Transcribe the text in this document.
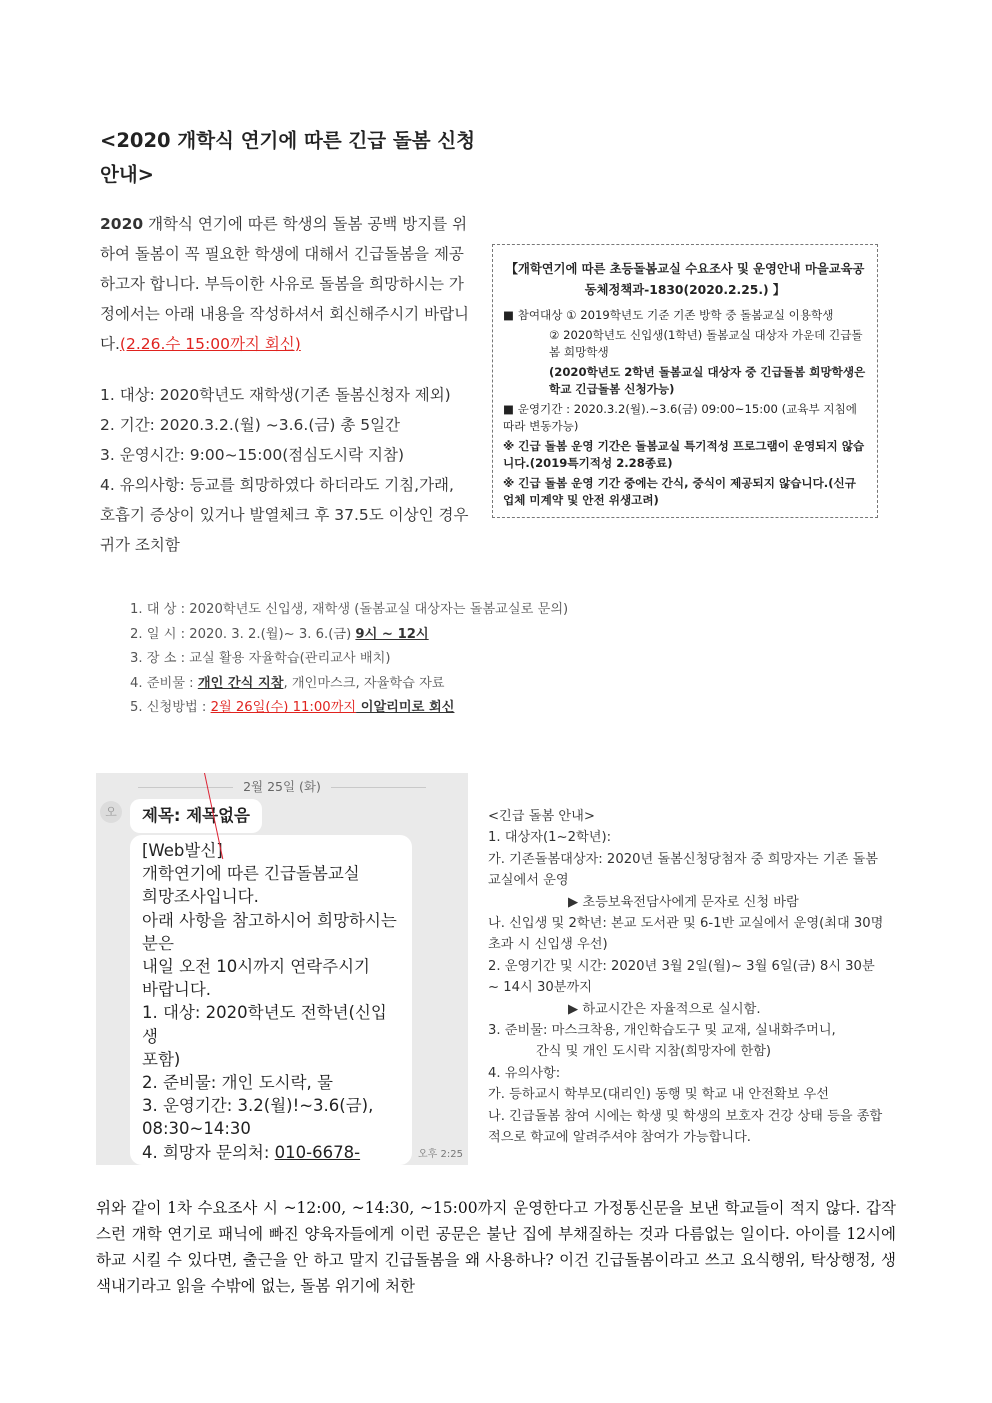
<2020 개학식 연기에 따른 긴급 돌봄 신청 안내>
2020 개학식 연기에 따른 학생의 돌봄 공백 방지를 위하여 돌봄이 꼭 필요한 학생에 대해서 긴급돌봄을 제공하고자 합니다. 부득이한 사유로 돌봄을 희망하시는 가정에서는 아래 내용을 작성하셔서 회신해주시기 바랍니다.(2.26.수 15:00까지 회신)

1. 대상: 2020학년도 재학생(기존 돌봄신청자 제외)

2. 기간: 2020.3.2.(월) ~3.6.(금) 총 5일간

3. 운영시간: 9:00~15:00(점심도시락 지참)

4. 유의사항: 등교를 희망하였다 하더라도 기침,가래, 호흡기 증상이 있거나 발열체크 후 37.5도 이상인 경우 귀가 조치함

【개학연기에 따른 초등돌봄교실 수요조사 및 운영안내 마을교육공동체정책과-1830(2020.2.25.) 】

■ 참여대상 ① 2019학년도 기준 기존 방학 중 돌봄교실 이용학생

② 2020학년도 신입생(1학년) 돌봄교실 대상자 가운데 긴급돌봄 희망학생

(2020학년도 2학년 돌봄교실 대상자 중 긴급돌봄 희망학생은 학교 긴급돌봄 신청가능)

■ 운영기간 : 2020.3.2(월).~3.6(금) 09:00~15:00 (교육부 지침에 따라 변동가능)

※ 긴급 돌봄 운영 기간은 돌봄교실 특기적성 프로그램이 운영되지 않습니다.(2019특기적성 2.28종료)

※ 긴급 돌봄 운영 기간 중에는 간식, 중식이 제공되지 않습니다.(신규 업체 미계약 및 안전 위생고려)

1. 대 상 : 2020학년도 신입생, 재학생 (돌봄교실 대상자는 돌봄교실로 문의)

2. 일 시 : 2020. 3. 2.(월)~ 3. 6.(금) 9시 ~ 12시

3. 장 소 : 교실 활용 자율학습(관리교사 배치)

4. 준비물 : 개인 간식 지참, 개인마스크, 자율학습 자료

5. 신청방법 : 2월 26일(수) 11:00까지 이알리미로 회신

2월 25일 (화)
오	제목: 제목없음

[Web발신]

개학연기에 따른 긴급돌봄교실

희망조사입니다.

아래 사항을 참고하시어 희망하시는

분은

내일 오전 10시까지 연락주시기

바랍니다.

1. 대상: 2020학년도 전학년(신입생

포함)

2. 준비물: 개인 도시락, 물

3. 운영기간: 3.2(월)!~3.6(금),

08:30~14:30

4. 희망자 문의처: 010-6678-	오후 2:25

<긴급 돌봄 안내>

1. 대상자(1~2학년):

가. 기존돌봄대상자: 2020년 돌봄신청당첨자 중 희망자는 기존 돌봄교실에서 운영

▶ 초등보육전담사에게 문자로 신청 바람

나. 신입생 및 2학년: 본교 도서관 및 6-1반 교실에서 운영(최대 30명 초과 시 신입생 우선)

2. 운영기간 및 시간: 2020년 3월 2일(월)~ 3월 6일(금) 8시 30분 ~ 14시 30분까지

▶ 하교시간은 자율적으로 실시함.

3. 준비물: 마스크착용, 개인학습도구 및 교재, 실내화주머니,

간식 및 개인 도시락 지참(희망자에 한함)

4. 유의사항:

가. 등하교시 학부모(대리인) 동행 및 학교 내 안전확보 우선

나. 긴급돌봄 참여 시에는 학생 및 학생의 보호자 건강 상태 등을 종합적으로 학교에 알려주셔야 참여가 가능합니다.

위와 같이 1차 수요조사 시 ~12:00, ~14:30, ~15:00까지 운영한다고 가정통신문을 보낸 학교들이 적지 않다. 갑작스런 개학 연기로 패닉에 빠진 양육자들에게 이런 공문은 불난 집에 부채질하는 것과 다름없는 일이다. 아이를 12시에 하교 시킬 수 있다면, 출근을 안 하고 말지 긴급돌봄을 왜 사용하나? 이건 긴급돌봄이라고 쓰고 요식행위, 탁상행정, 생색내기라고 읽을 수밖에 없는, 돌봄 위기에 처한
